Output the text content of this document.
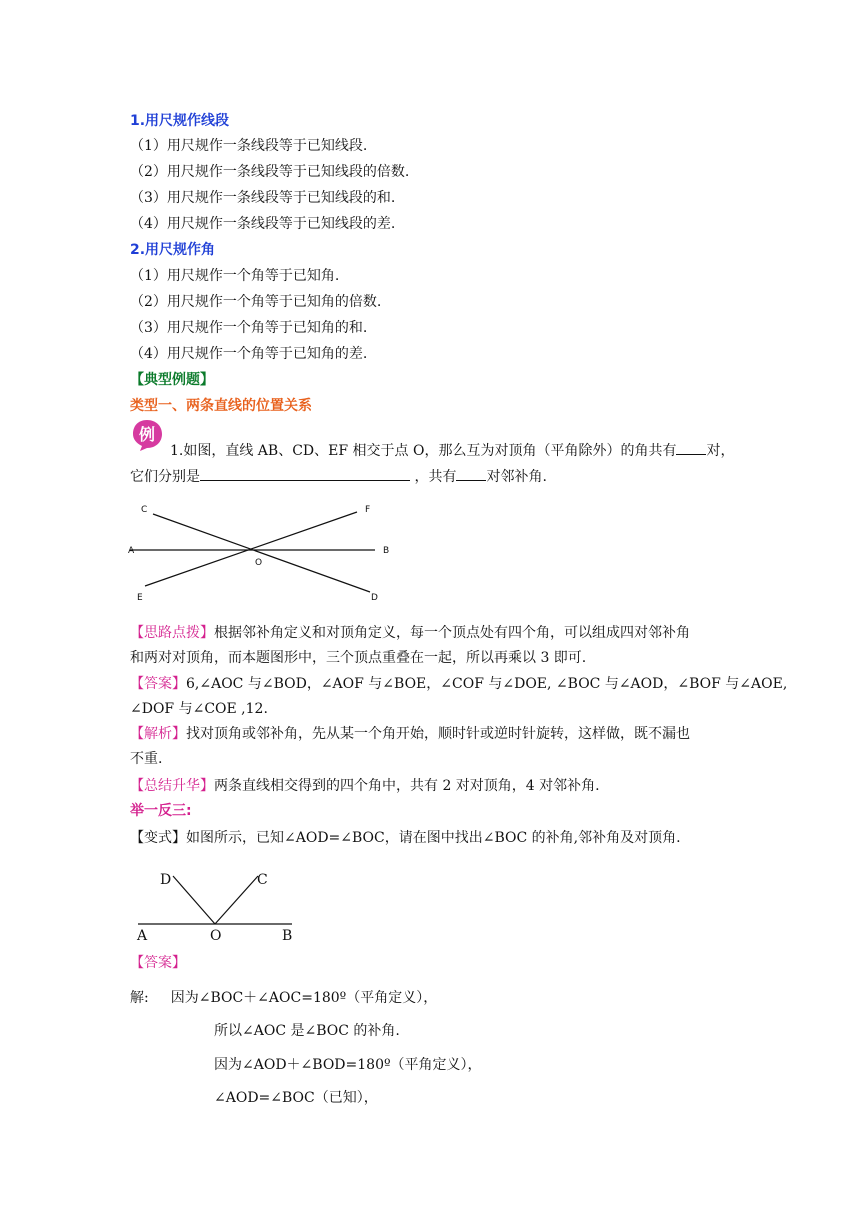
1.用尺规作线段
（1）用尺规作一条线段等于已知线段.
（2）用尺规作一条线段等于已知线段的倍数.
（3）用尺规作一条线段等于已知线段的和.
（4）用尺规作一条线段等于已知线段的差.
2.用尺规作角
（1）用尺规作一个角等于已知角.
（2）用尺规作一个角等于已知角的倍数.
（3）用尺规作一个角等于已知角的和.
（4）用尺规作一个角等于已知角的差.
【典型例题】
类型一、两条直线的位置关系
例
1.如图，直线 AB、CD、EF 相交于点 O，那么互为对顶角（平角除外）的角共有 对，
它们分别是	，共有 对邻补角.
C	F
A	B
O
E	D
【思路点拨】根据邻补角定义和对顶角定义，每一个顶点处有四个角，可以组成四对邻补角
和两对对顶角，而本题图形中，三个顶点重叠在一起，所以再乘以 3 即可.
【答案】6,∠AOC 与∠BOD，∠AOF 与∠BOE，∠COF 与∠DOE, ∠BOC 与∠AOD，∠BOF 与∠AOE,
∠DOF 与∠COE ,12.
【解析】找对顶角或邻补角，先从某一个角开始，顺时针或逆时针旋转，这样做，既不漏也
不重.
【总结升华】两条直线相交得到的四个角中，共有 2 对对顶角，4 对邻补角.
举一反三:
【变式】如图所示，已知∠AOD=∠BOC，请在图中找出∠BOC 的补角,邻补角及对顶角.
D	C
A	O	B
【答案】
解: 因为∠BOC＋∠AOC=180º（平角定义），
所以∠AOC 是∠BOC 的补角.
因为∠AOD＋∠BOD=180º（平角定义），
∠AOD=∠BOC（已知），
